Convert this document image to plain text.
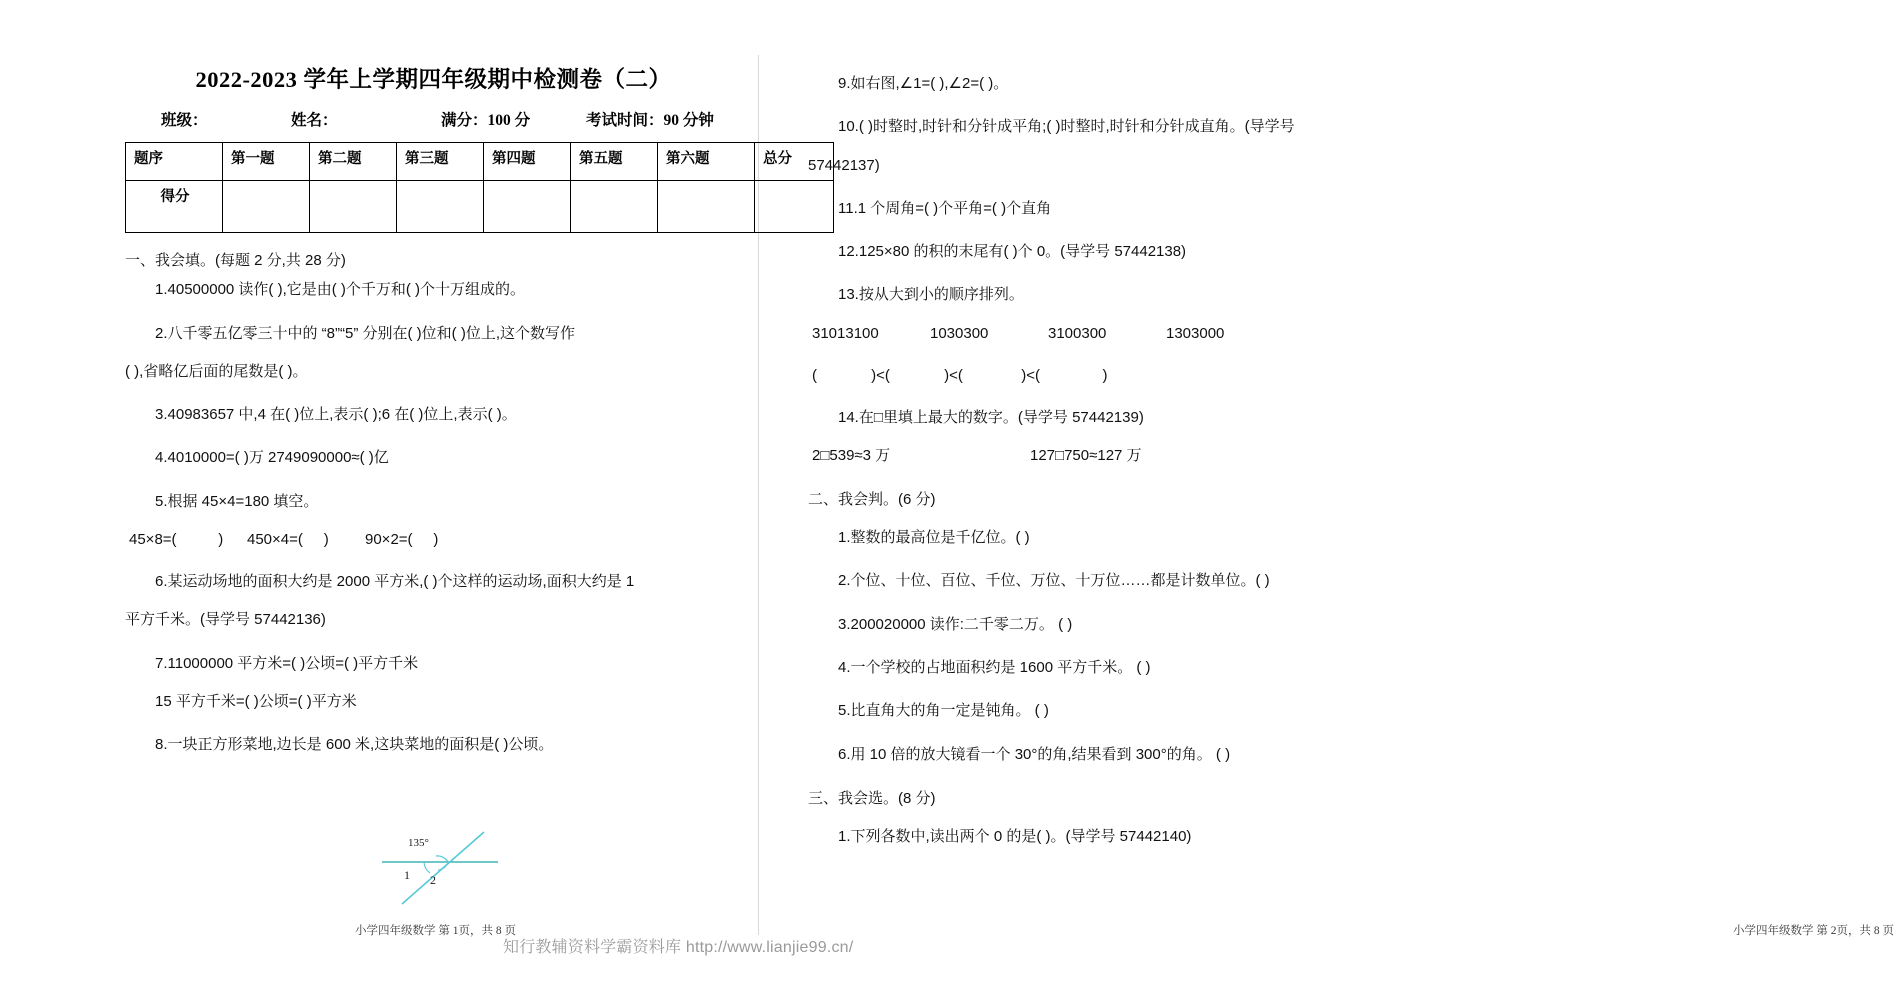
2022-2023 学年上学期四年级期中检测卷（二）
班级：	姓名：	满分：100 分	考试时间：90 分钟
题序	第一题	第二题	第三题	第四题	第五题	第六题	总分
得分							
一、我会填。(每题 2 分,共 28 分)
1.40500000 读作( ),它是由( )个千万和( )个十万组成的。
2.八千零五亿零三十中的 “8”“5” 分别在( )位和( )位上,这个数写作
( ),省略亿后面的尾数是( )。
3.40983657 中,4 在( )位上,表示( );6 在( )位上,表示( )。
4.4010000=( )万 2749090000≈( )亿
5.根据 45×4=180 填空。
45×8=(          )	450×4=(     )	90×2=(     )
6.某运动场地的面积大约是 2000 平方米,( )个这样的运动场,面积大约是 1
平方千米。(导学号 57442136)
7.11000000 平方米=( )公顷=( )平方千米
15 平方千米=( )公顷=( )平方米
8.一块正方形菜地,边长是 600 米,这块菜地的面积是( )公顷。
135°
1 2
小学四年级数学 第 1页，共 8 页
9.如右图,∠1=( ),∠2=( )。
10.( )时整时,时针和分针成平角;( )时整时,时针和分针成直角。(导学号
57442137)
11.1 个周角=( )个平角=( )个直角
12.125×80 的积的末尾有( )个 0。(导学号 57442138)
13.按从大到小的顺序排列。
31013100	1030300	3100300	1303000
(             )<(             )<(              )<(               )
14.在□里填上最大的数字。(导学号 57442139)
2□539≈3 万	127□750≈127 万
二、我会判。(6 分)
1.整数的最高位是千亿位。( )
2.个位、十位、百位、千位、万位、十万位……都是计数单位。( )
3.200020000 读作:二千零二万。 ( )
4.一个学校的占地面积约是 1600 平方千米。 ( )
5.比直角大的角一定是钝角。 ( )
6.用 10 倍的放大镜看一个 30°的角,结果看到 300°的角。 ( )
三、我会选。(8 分)
1.下列各数中,读出两个 0 的是( )。(导学号 57442140)
小学四年级数学 第 2页，共 8 页
知行教辅资料学霸资料库 http://www.lianjie99.cn/
